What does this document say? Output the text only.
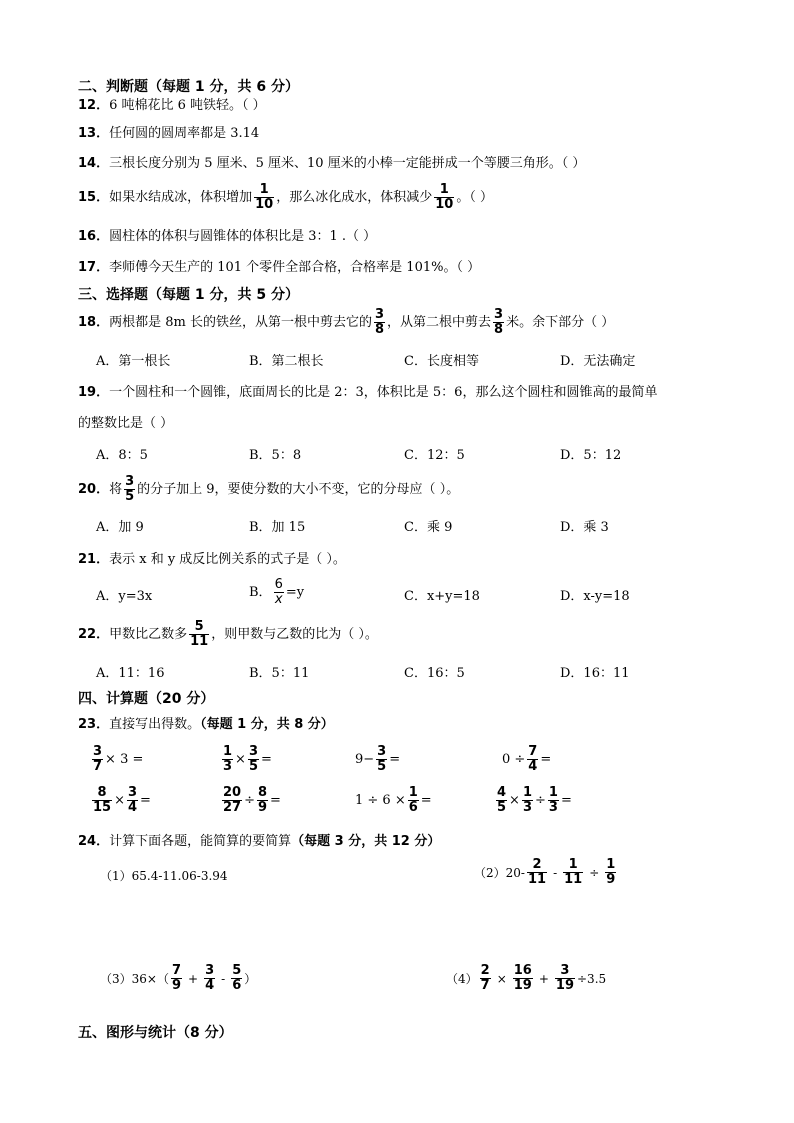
二、判断题（每题 1 分，共 6 分）
12．6 吨棉花比 6 吨铁轻。（ ）
13．任何圆的圆周率都是 3.14
14．三根长度分别为 5 厘米、5 厘米、10 厘米的小棒一定能拼成一个等腰三角形。（ ）
15．如果水结成冰，体积增加 $\frac{1}{10}$ ，那么冰化成水，体积减少 $\frac{1}{10}$ 。（ ）
16．圆柱体的体积与圆锥体的体积比是 3：1 .（ ）
17．李师傅今天生产的 101 个零件全部合格，合格率是 101%。（ ）
三、选择题（每题 1 分，共 5 分）
18．两根都是 8m 长的铁丝，从第一根中剪去它的 $\frac{3}{8}$ ，从第二根中剪去 $\frac{3}{8}$ 米。余下部分（ ）
A．第一根长	B．第二根长	C．长度相等	D．无法确定
19．一个圆柱和一个圆锥，底面周长的比是 2：3，体积比是 5：6，那么这个圆柱和圆锥高的最简单
的整数比是（ ）
A．8：5	B．5：8	C．12：5	D．5：12
20．将 $\frac{3}{5}$ 的分子加上 9，要使分数的大小不变，它的分母应（ ）。
A．加 9	B．加 15	C．乘 9	D．乘 3
21．表示 x 和 y 成反比例关系的式子是（ ）。
A．y=3x	B． $\frac{6}{x} =y$	C．x+y=18	D．x-y=18
22．甲数比乙数多 $\frac{5}{11}$ ，则甲数与乙数的比为（ ）。
A．11：16	B．5：11	C．16：5	D．16：11
四、计算题（20 分）
23．直接写出得数。（每题 1 分，共 8 分）
$\frac{3}{7} \times 3$ =	$\frac{1}{3} \times \frac{3}{5}$ =	$9- \frac{3}{5}$ =	$0 \div \frac{7}{4}$ =
$\frac{8}{15} \times \frac{3}{4}$ =	$\frac{20}{27} \div \frac{8}{9}$ =	$1 \div 6 \times \frac{1}{6}$ =	$\frac{4}{5} \times \frac{1}{3} \div \frac{1}{3}$ =
24．计算下面各题，能简算的要简算（每题 3 分，共 12 分）
（1）65.4-11.06-3.94	$(2)20- \frac{2}{11} - \frac{1}{11} \div \frac{1}{9}$
$(3)36\times( \frac{7}{9} + \frac{3}{4} - \frac{5}{6}$ ）	$(4) \frac{2}{7} \times \frac{16}{19} + \frac{3}{19} \div 3.5$
五、图形与统计（8 分）
